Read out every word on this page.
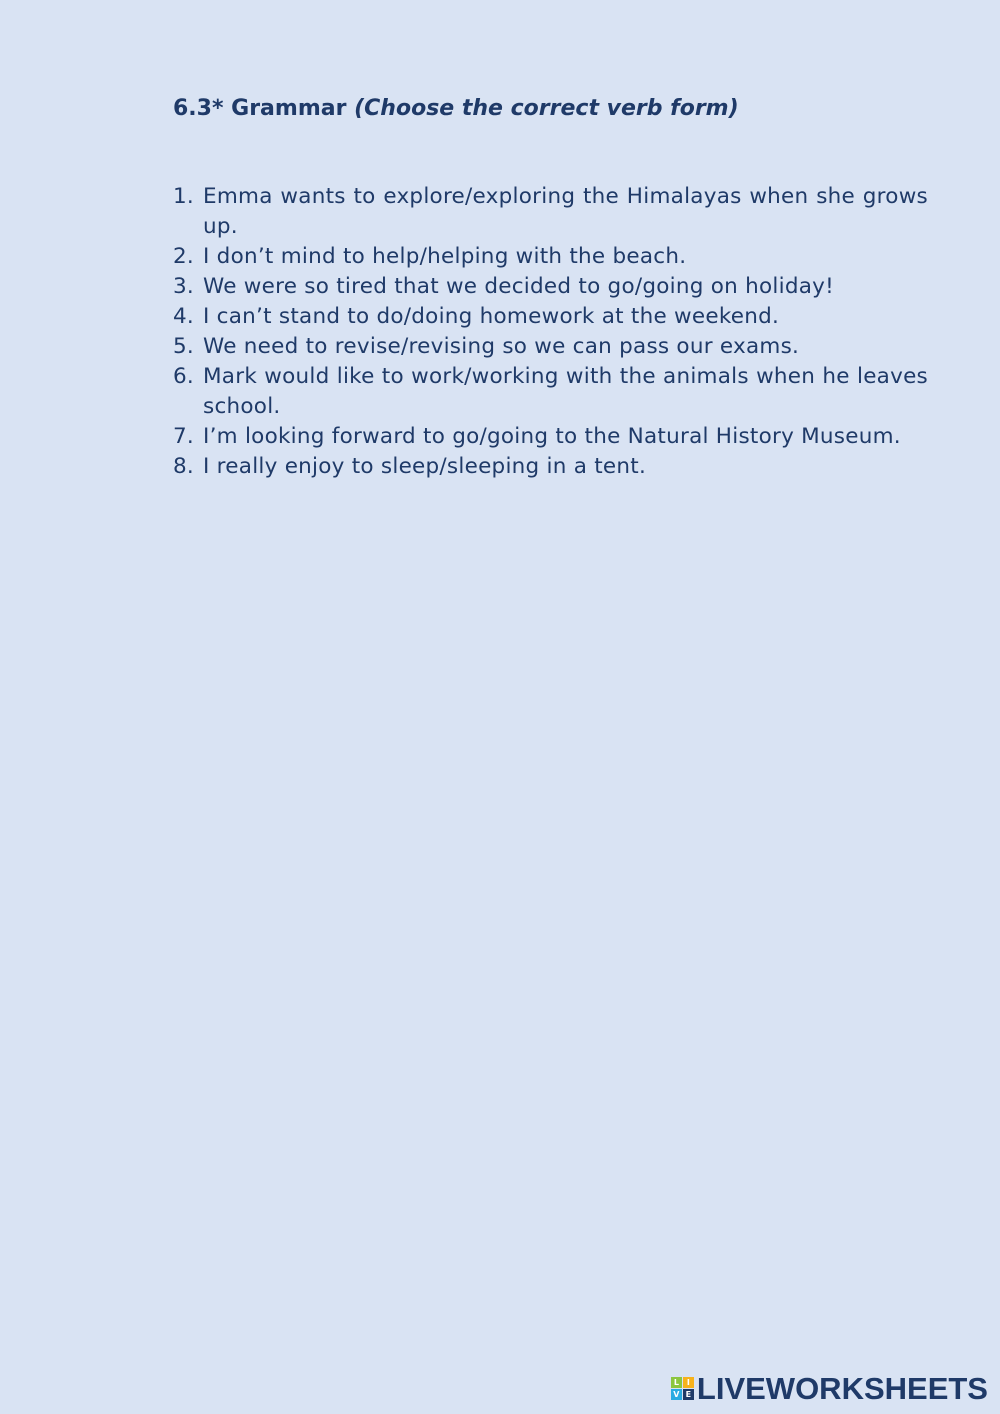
6.3* Grammar (Choose the correct verb form)
1. Emma wants to explore/exploring the Himalayas when she grows up.
2. I don’t mind to help/helping with the beach.
3. We were so tired that we decided to go/going on holiday!
4. I can’t stand to do/doing homework at the weekend.
5. We need to revise/revising so we can pass our exams.
6. Mark would like to work/working with the animals when he leaves school.
7. I’m looking forward to go/going to the Natural History Museum.
8. I really enjoy to sleep/sleeping in a tent.
L I
V E LIVEWORKSHEETS
